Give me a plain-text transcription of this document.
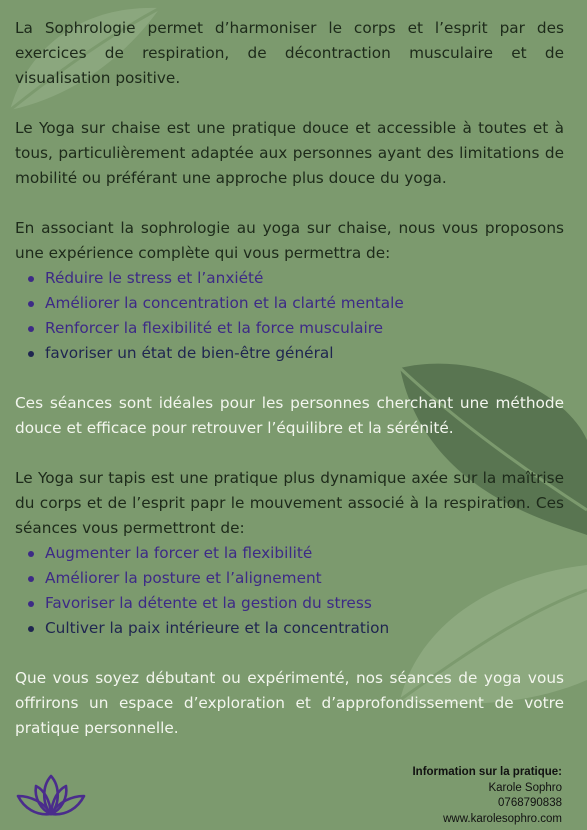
La Sophrologie permet d’harmoniser le corps et l’esprit par des exercices de respiration, de décontraction musculaire et de visualisation positive.

Le Yoga sur chaise est une pratique douce et accessible à toutes et à tous, particulièrement adaptée aux personnes ayant des limitations de mobilité ou préférant une approche plus douce du yoga.

En associant la sophrologie au yoga sur chaise, nous vous proposons une expérience complète qui vous permettra de:

Réduire le stress et l’anxiété
Améliorer la concentration et la clarté mentale
Renforcer la flexibilité et la force musculaire
favoriser un état de bien-être général

Ces séances sont idéales pour les personnes cherchant une méthode douce et efficace pour retrouver l’équilibre et la sérénité.

Le Yoga sur tapis est une pratique plus dynamique axée sur la maîtrise du corps et de l’esprit papr le mouvement associé à la respiration. Ces séances vous permettront de:

Augmenter la forcer et la flexibilité
Améliorer la posture et l’alignement
Favoriser la détente et la gestion du stress
Cultiver la paix intérieure et la concentration

Que vous soyez débutant ou expérimenté, nos séances de yoga vous offrirons un espace d’exploration et d’approfondissement de votre pratique personnelle.

Information sur la pratique:
Karole Sophro
0768790838
www.karolesophro.com
